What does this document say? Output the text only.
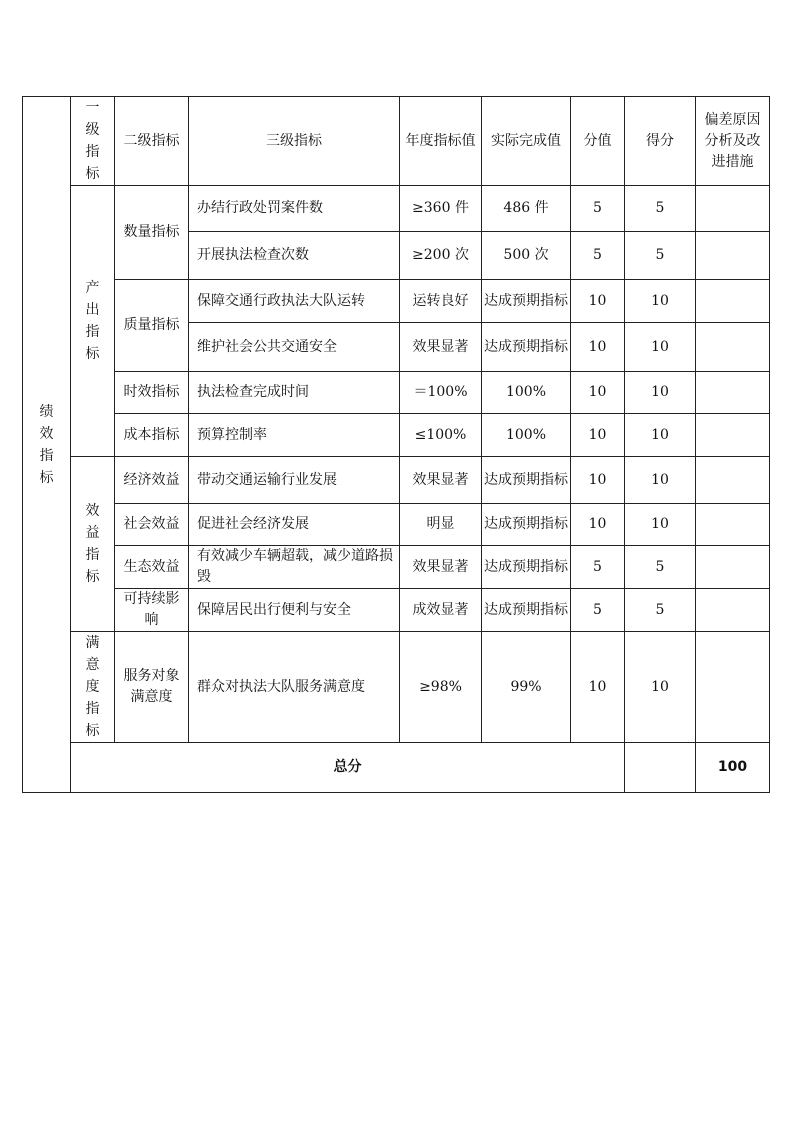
绩效指标	一级指标	二级指标	三级指标	年度指标值	实际完成值	分值	得分	偏差原因分析及改进措施	
	产出指标	数量指标	办结行政处罚案件数	≥360 件	486 件	5	5		
			开展执法检查次数	≥200 次	500 次	5	5		
		质量指标	保障交通行政执法大队运转	运转良好	达成预期指标	10	10		
			维护社会公共交通安全	效果显著	达成预期指标	10	10		
		时效指标	执法检查完成时间	＝100%	100%	10	10		
		成本指标	预算控制率	≤100%	100%	10	10		
	效益指标	经济效益	带动交通运输行业发展	效果显著	达成预期指标	10	10		
		社会效益	促进社会经济发展	明显	达成预期指标	10	10		
		生态效益	有效减少车辆超载，减少道路损毁	效果显著	达成预期指标	5	5		
		可持续影响	保障居民出行便利与安全	成效显著	达成预期指标	5	5		
	满意度指标	服务对象满意度	群众对执法大队服务满意度	≥98%	99%	10	10		
	总分							100		
